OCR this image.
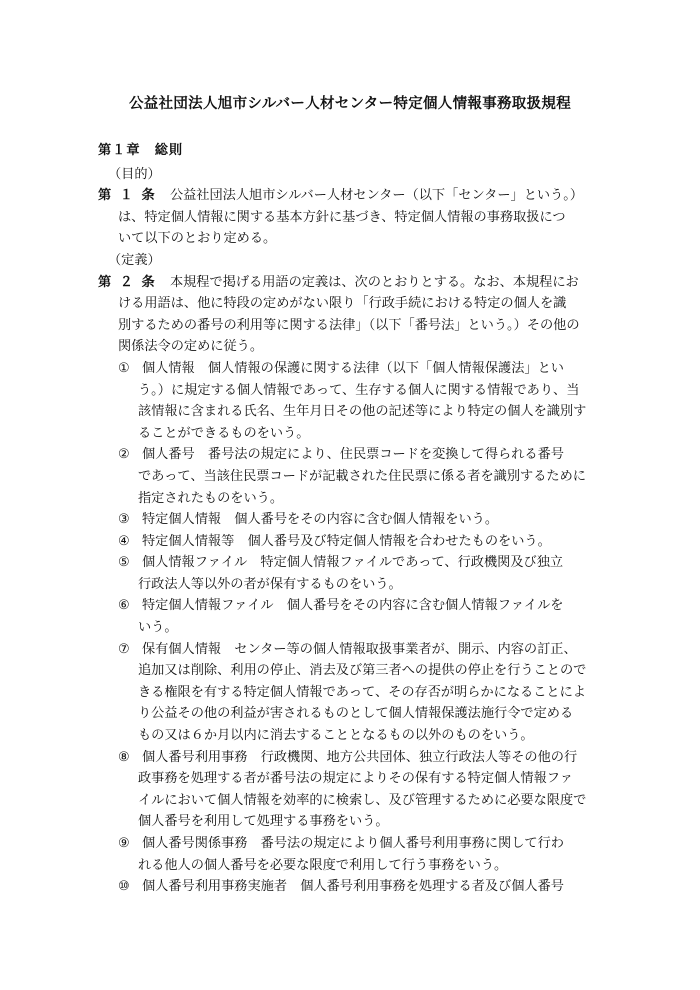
公益社団法人旭市シルバー人材センター特定個人情報事務取扱規程
第１章　総則
（目的）
第 １ 条　 公益社団法人旭市シルバー人材センター（以下「センター」という。）
は、特定個人情報に関する基本方針に基づき、特定個人情報の事務取扱につ
いて以下のとおり定める。
（定義）
第 ２ 条　 本規程で掲げる用語の定義は、次のとおりとする。なお、本規程にお
ける用語は、他に特段の定めがない限り「行政手続における特定の個人を識
別するための番号の利用等に関する法律」（以下「番号法」という。）その他の
関係法令の定めに従う。
① 個人情報　個人情報の保護に関する法律（以下「個人情報保護法」とい
う。）に規定する個人情報であって、生存する個人に関する情報であり、当
該情報に含まれる氏名、生年月日その他の記述等により特定の個人を識別す
ることができるものをいう。
② 個人番号　番号法の規定により、住民票コードを変換して得られる番号
であって、当該住民票コードが記載された住民票に係る者を識別するために
指定されたものをいう。
③ 特定個人情報　個人番号をその内容に含む個人情報をいう。
④ 特定個人情報等　個人番号及び特定個人情報を合わせたものをいう。
⑤ 個人情報ファイル　特定個人情報ファイルであって、行政機関及び独立
行政法人等以外の者が保有するものをいう。
⑥ 特定個人情報ファイル　個人番号をその内容に含む個人情報ファイルを
いう。
⑦ 保有個人情報　センター等の個人情報取扱事業者が、開示、内容の訂正、
追加又は削除、利用の停止、消去及び第三者への提供の停止を行うことので
きる権限を有する特定個人情報であって、その存否が明らかになることによ
り公益その他の利益が害されるものとして個人情報保護法施行令で定める
もの又は６か月以内に消去することとなるもの以外のものをいう。
⑧ 個人番号利用事務　行政機関、地方公共団体、独立行政法人等その他の行
政事務を処理する者が番号法の規定によりその保有する特定個人情報ファ
イルにおいて個人情報を効率的に検索し、及び管理するために必要な限度で
個人番号を利用して処理する事務をいう。
⑨ 個人番号関係事務　番号法の規定により個人番号利用事務に関して行わ
れる他人の個人番号を必要な限度で利用して行う事務をいう。
⑩ 個人番号利用事務実施者　個人番号利用事務を処理する者及び個人番号
